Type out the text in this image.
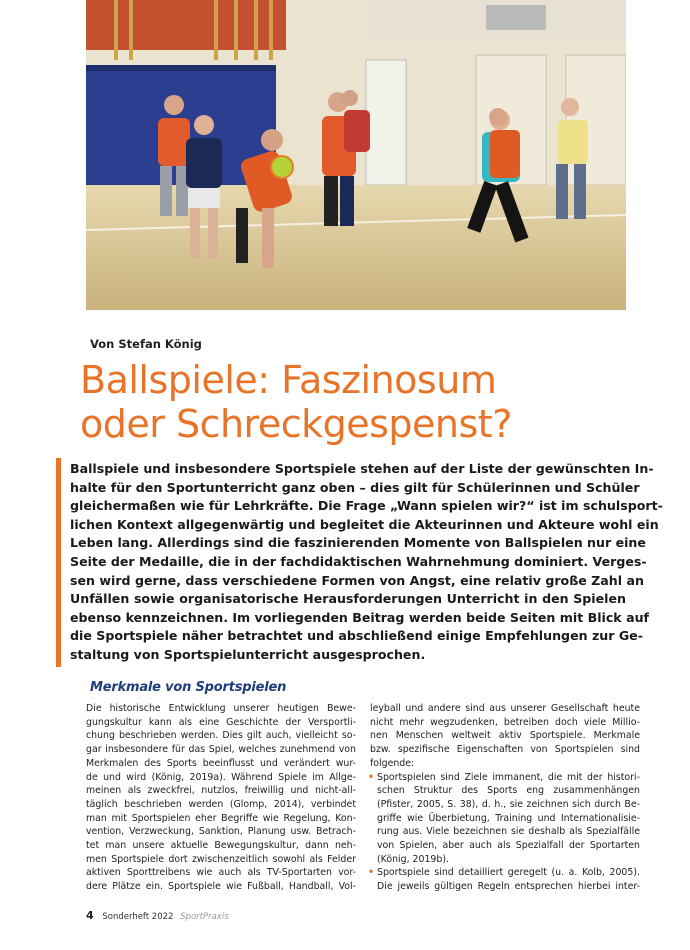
Von Stefan König
Ballspiele: Faszinosum
oder Schreckgespenst?
Ballspiele und insbesondere Sportspiele stehen auf der Liste der gewünschten In-
halte für den Sportunterricht ganz oben – dies gilt für Schülerinnen und Schüler
gleichermaßen wie für Lehrkräfte. Die Frage „Wann spielen wir?“ ist im schulsport-
lichen Kontext allgegenwärtig und begleitet die Akteurinnen und Akteure wohl ein
Leben lang. Allerdings sind die faszinierenden Momente von Ballspielen nur eine
Seite der Medaille, die in der fachdidaktischen Wahrnehmung dominiert. Verges-
sen wird gerne, dass verschiedene Formen von Angst, eine relativ große Zahl an
Unfällen sowie organisatorische Herausforderungen Unterricht in den Spielen
ebenso kennzeichnen. Im vorliegenden Beitrag werden beide Seiten mit Blick auf
die Sportspiele näher betrachtet und abschließend einige Empfehlungen zur Ge-
staltung von Sportspielunterricht ausgesprochen.
Merkmale von Sportspielen
Die historische Entwicklung unserer heutigen Bewe-
gungskultur kann als eine Geschichte der Versportli-
chung beschrieben werden. Dies gilt auch, vielleicht so-
gar insbesondere für das Spiel, welches zunehmend von
Merkmalen des Sports beeinflusst und verändert wur-
de und wird (König, 2019a). Während Spiele im Allge-
meinen als zweckfrei, nutzlos, freiwillig und nicht-all-
täglich beschrieben werden (Glomp, 2014), verbindet
man mit Sportspielen eher Begriffe wie Regelung, Kon-
vention, Verzweckung, Sanktion, Planung usw. Betrach-
tet man unsere aktuelle Bewegungskultur, dann neh-
men Sportspiele dort zwischenzeitlich sowohl als Felder
aktiven Sporttreibens wie auch als TV-Sportarten vor-
dere Plätze ein. Sportspiele wie Fußball, Handball, Vol-
leyball und andere sind aus unserer Gesellschaft heute
nicht mehr wegzudenken, betreiben doch viele Millio-
nen Menschen weltweit aktiv Sportspiele. Merkmale
bzw. spezifische Eigenschaften von Sportspielen sind
folgende:
• Sportspielen sind Ziele immanent, die mit der histori-
schen Struktur des Sports eng zusammenhängen
(Pfister, 2005, S. 38), d. h., sie zeichnen sich durch Be-
griffe wie Überbietung, Training und Internationalisie-
rung aus. Viele bezeichnen sie deshalb als Spezialfälle
von Spielen, aber auch als Spezialfall der Sportarten
(König, 2019b).
• Sportspiele sind detailliert geregelt (u. a. Kolb, 2005).
Die jeweils gültigen Regeln entsprechen hierbei inter-
4 Sonderheft 2022 SportPraxis
